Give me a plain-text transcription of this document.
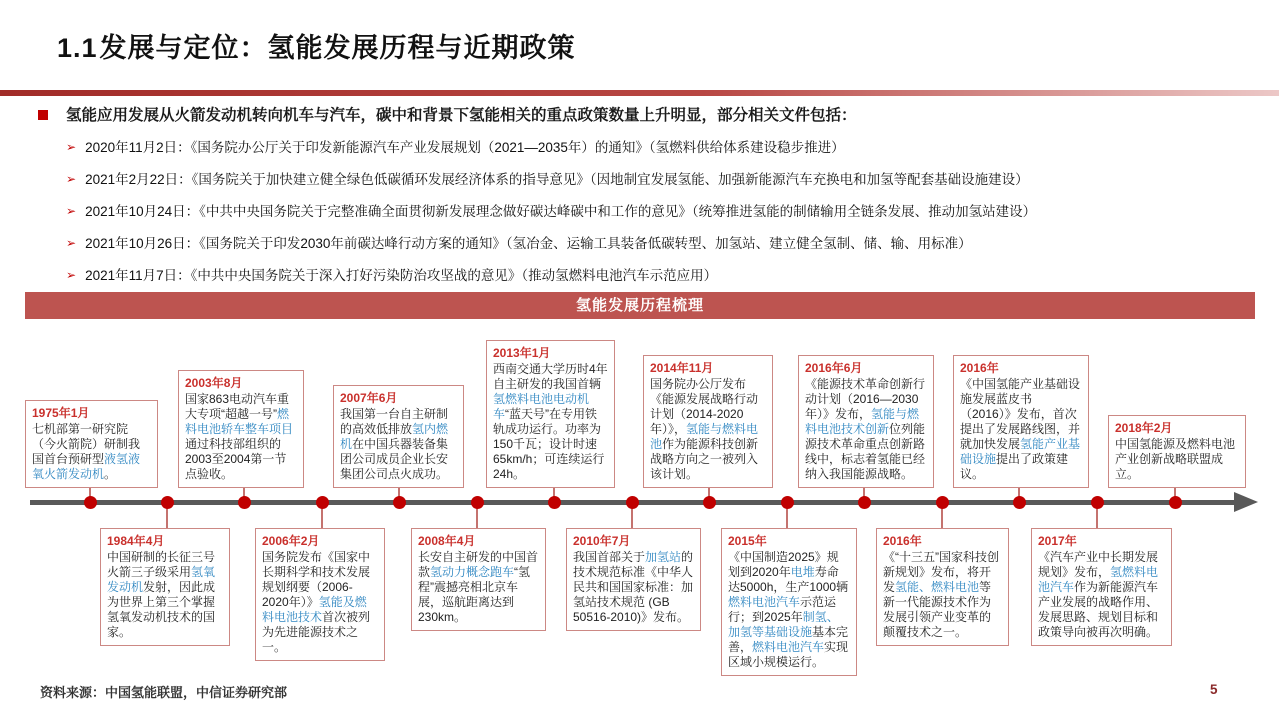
1.1发展与定位：氢能发展历程与近期政策
氢能应用发展从火箭发动机转向机车与汽车，碳中和背景下氢能相关的重点政策数量上升明显，部分相关文件包括：
➢ 2020年11月2日：《国务院办公厅关于印发新能源汽车产业发展规划（2021—2035年）的通知》（氢燃料供给体系建设稳步推进）
➢ 2021年2月22日：《国务院关于加快建立健全绿色低碳循环发展经济体系的指导意见》（因地制宜发展氢能、加强新能源汽车充换电和加氢等配套基础设施建设）
➢ 2021年10月24日：《中共中央国务院关于完整准确全面贯彻新发展理念做好碳达峰碳中和工作的意见》（统筹推进氢能的制储输用全链条发展、推动加氢站建设）
➢ 2021年10月26日：《国务院关于印发2030年前碳达峰行动方案的通知》（氢冶金、运输工具装备低碳转型、加氢站、建立健全氢制、储、输、用标准）
➢ 2021年11月7日：《中共中央国务院关于深入打好污染防治攻坚战的意见》（推动氢燃料电池汽车示范应用）
氢能发展历程梳理
1975年1月
七机部第一研究院（今火箭院）研制我国首台预研型液氢液氧火箭发动机。
1984年4月
中国研制的长征三号火箭三子级采用氢氧发动机发射，因此成为世界上第三个掌握氢氧发动机技术的国家。
2003年8月
国家863电动汽车重大专项“超越一号”燃料电池轿车整车项目通过科技部组织的2003至2004第一节点验收。
2006年2月
国务院发布《国家中长期科学和技术发展规划纲要（2006-2020年）》氢能及燃料电池技术首次被列为先进能源技术之一。
2007年6月
我国第一台自主研制的高效低排放氢内燃机在中国兵器装备集团公司成员企业长安集团公司点火成功。
2008年4月
长安自主研发的中国首款氢动力概念跑车“氢程”震撼亮相北京车展，巡航距离达到230km。
2013年1月
西南交通大学历时4年自主研发的我国首辆氢燃料电池电动机车“蓝天号”在专用铁轨成功运行。功率为150千瓦；设计时速65km/h；可连续运行24h。
2010年7月
我国首部关于加氢站的技术规范标准《中华人民共和国国家标准：加氢站技术规范 (GB 50516-2010)》发布。
2014年11月
国务院办公厅发布《能源发展战略行动计划（2014-2020年）》，氢能与燃料电池作为能源科技创新战略方向之一被列入该计划。
2015年
《中国制造2025》规划到2020年电堆寿命达5000h，生产1000辆燃料电池汽车示范运行；到2025年制氢、加氢等基础设施基本完善，燃料电池汽车实现区域小规模运行。
2016年6月
《能源技术革命创新行动计划（2016—2030年）》发布，氢能与燃料电池技术创新位列能源技术革命重点创新路线中，标志着氢能已经纳入我国能源战略。
2016年
《“十三五”国家科技创新规划》发布，将开发氢能、燃料电池等新一代能源技术作为发展引领产业变革的颠覆技术之一。
2016年
《中国氢能产业基础设施发展蓝皮书（2016）》发布，首次提出了发展路线图，并就加快发展氢能产业基础设施提出了政策建议。
2017年
《汽车产业中长期发展规划》发布，氢燃料电池汽车作为新能源汽车产业发展的战略作用、发展思路、规划目标和政策导向被再次明确。
2018年2月
中国氢能源及燃料电池产业创新战略联盟成立。
资料来源：中国氢能联盟，中信证券研究部	5
